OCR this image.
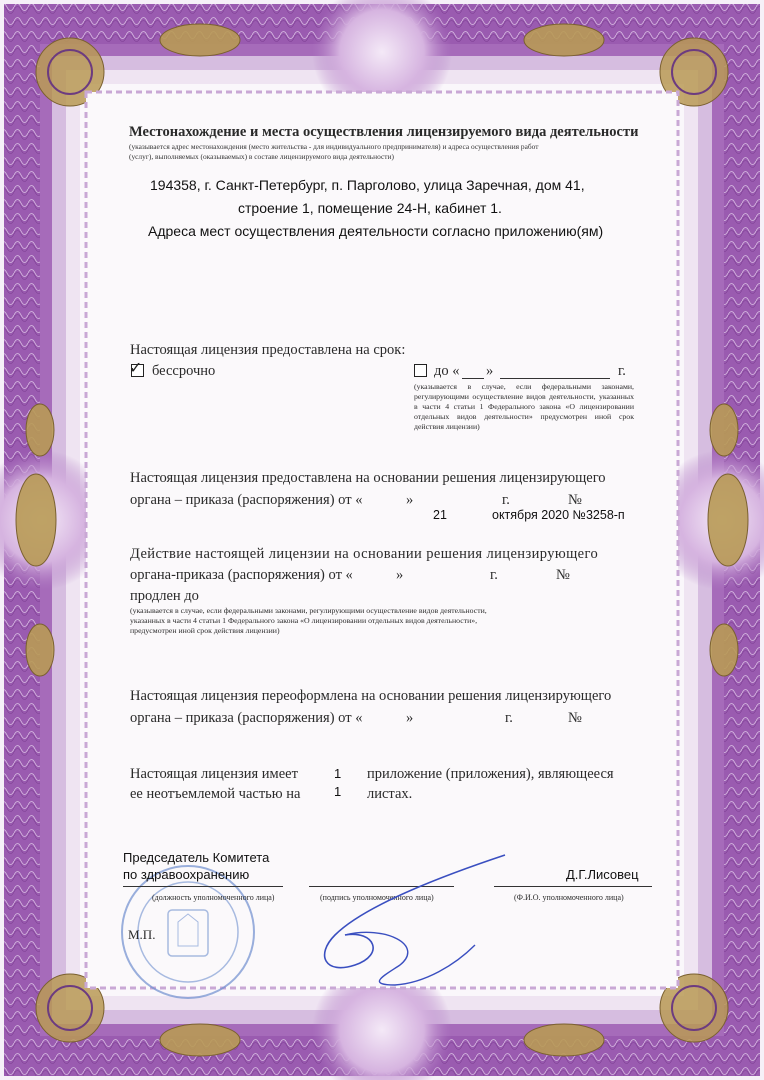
Местонахождение и места осуществления лицензируемого вида деятельности
(указывается адрес местонахождения (место жительства - для индивидуального предпринимателя) и адреса осуществления работ
(услуг), выполняемых (оказываемых) в составе лицензируемого вида деятельности)
194358, г. Санкт-Петербург, п. Парголово, улица Заречная, дом 41,
строение 1, помещение 24-Н, кабинет 1.
Адреса мест осуществления деятельности согласно приложению(ям)
Настоящая лицензия предоставлена на срок:
✓ бессрочно	до « »	г.
(указывается в случае, если федеральными законами, регулирующими осуществление видов деятельности, указанных в части 4 статьи 1 Федерального закона «О лицензировании отдельных видов деятельности» предусмотрен иной срок действия лицензии)
Настоящая лицензия предоставлена на основании решения лицензирующего
органа – приказа (распоряжения) от «	»	г.	№
21	октября 2020 №3258-п
Действие настоящей лицензии на основании решения лицензирующего
органа-приказа (распоряжения) от «	»	г.	№
продлен до
(указывается в случае, если федеральными законами, регулирующими осуществление видов деятельности, указанных в части 4 статьи 1 Федерального закона «О лицензировании отдельных видов деятельности», предусмотрен иной срок действия лицензии)
Настоящая лицензия переоформлена на основании решения лицензирующего
органа – приказа (распоряжения) от «	»	г.	№
Настоящая лицензия имеет	1 приложение (приложения), являющееся
ее неотъемлемой частью на	1 листах.
Председатель Комитета
по здравоохранению
(должность уполномоченного лица)	(подпись уполномоченного лица)
Д.Г.Лисовец
(Ф.И.О. уполномоченного лица)
М.П.
